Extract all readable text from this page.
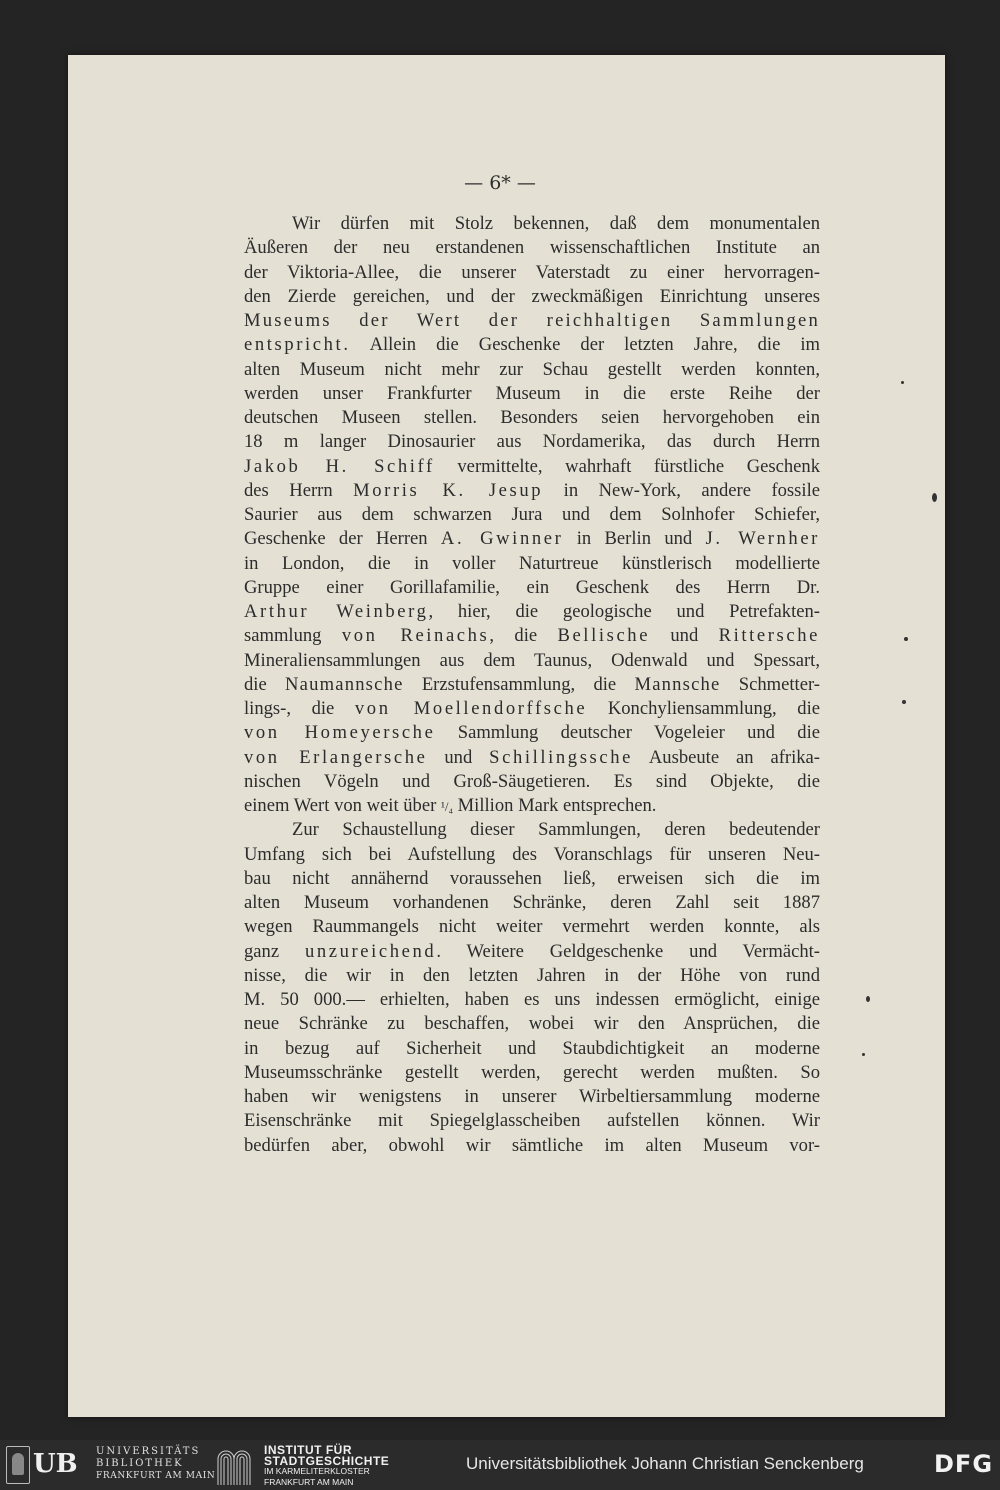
— 6* —
Wir dürfen mit Stolz bekennen, daß dem monumentalen
Äußeren der neu erstandenen wissenschaftlichen Institute an
der Viktoria-Allee, die unserer Vaterstadt zu einer hervorragen-
den Zierde gereichen, und der zweckmäßigen Einrichtung unseres
Museums der Wert der reichhaltigen Sammlungen
entspricht. Allein die Geschenke der letzten Jahre, die im
alten Museum nicht mehr zur Schau gestellt werden konnten,
werden unser Frankfurter Museum in die erste Reihe der
deutschen Museen stellen. Besonders seien hervorgehoben ein
18 m langer Dinosaurier aus Nordamerika, das durch Herrn
Jakob H. Schiff vermittelte, wahrhaft fürstliche Geschenk
des Herrn Morris K. Jesup in New-York, andere fossile
Saurier aus dem schwarzen Jura und dem Solnhofer Schiefer,
Geschenke der Herren A. Gwinner in Berlin und J. Wernher
in London, die in voller Naturtreue künstlerisch modellierte
Gruppe einer Gorillafamilie, ein Geschenk des Herrn Dr.
Arthur Weinberg, hier, die geologische und Petrefakten-
sammlung von Reinachs, die Bellische und Rittersche
Mineraliensammlungen aus dem Taunus, Odenwald und Spessart,
die Naumannsche Erzstufensammlung, die Mannsche Schmetter-
lings-, die von Moellendorffsche Konchyliensammlung, die
von Homeyersche Sammlung deutscher Vogeleier und die
von Erlangersche und Schillingssche Ausbeute an afrika-
nischen Vögeln und Groß-Säugetieren. Es sind Objekte, die
einem Wert von weit über ¹/₄ Million Mark entsprechen.
Zur Schaustellung dieser Sammlungen, deren bedeutender
Umfang sich bei Aufstellung des Voranschlags für unseren Neu-
bau nicht annähernd voraussehen ließ, erweisen sich die im
alten Museum vorhandenen Schränke, deren Zahl seit 1887
wegen Raummangels nicht weiter vermehrt werden konnte, als
ganz unzureichend. Weitere Geldgeschenke und Vermächt-
nisse, die wir in den letzten Jahren in der Höhe von rund
M. 50 000.— erhielten, haben es uns indessen ermöglicht, einige
neue Schränke zu beschaffen, wobei wir den Ansprüchen, die
in bezug auf Sicherheit und Staubdichtigkeit an moderne
Museumsschränke gestellt werden, gerecht werden mußten. So
haben wir wenigstens in unserer Wirbeltiersammlung moderne
Eisenschränke mit Spiegelglasscheiben aufstellen können. Wir
bedürfen aber, obwohl wir sämtliche im alten Museum vor-
UB UNIVERSITÄTS
BIBLIOTHEK
FRANKFURT AM MAIN
INSTITUT FÜR
STADTGESCHICHTE
IM KARMELITERKLOSTER
FRANKFURT AM MAIN
Universitätsbibliothek Johann Christian Senckenberg	DFG
